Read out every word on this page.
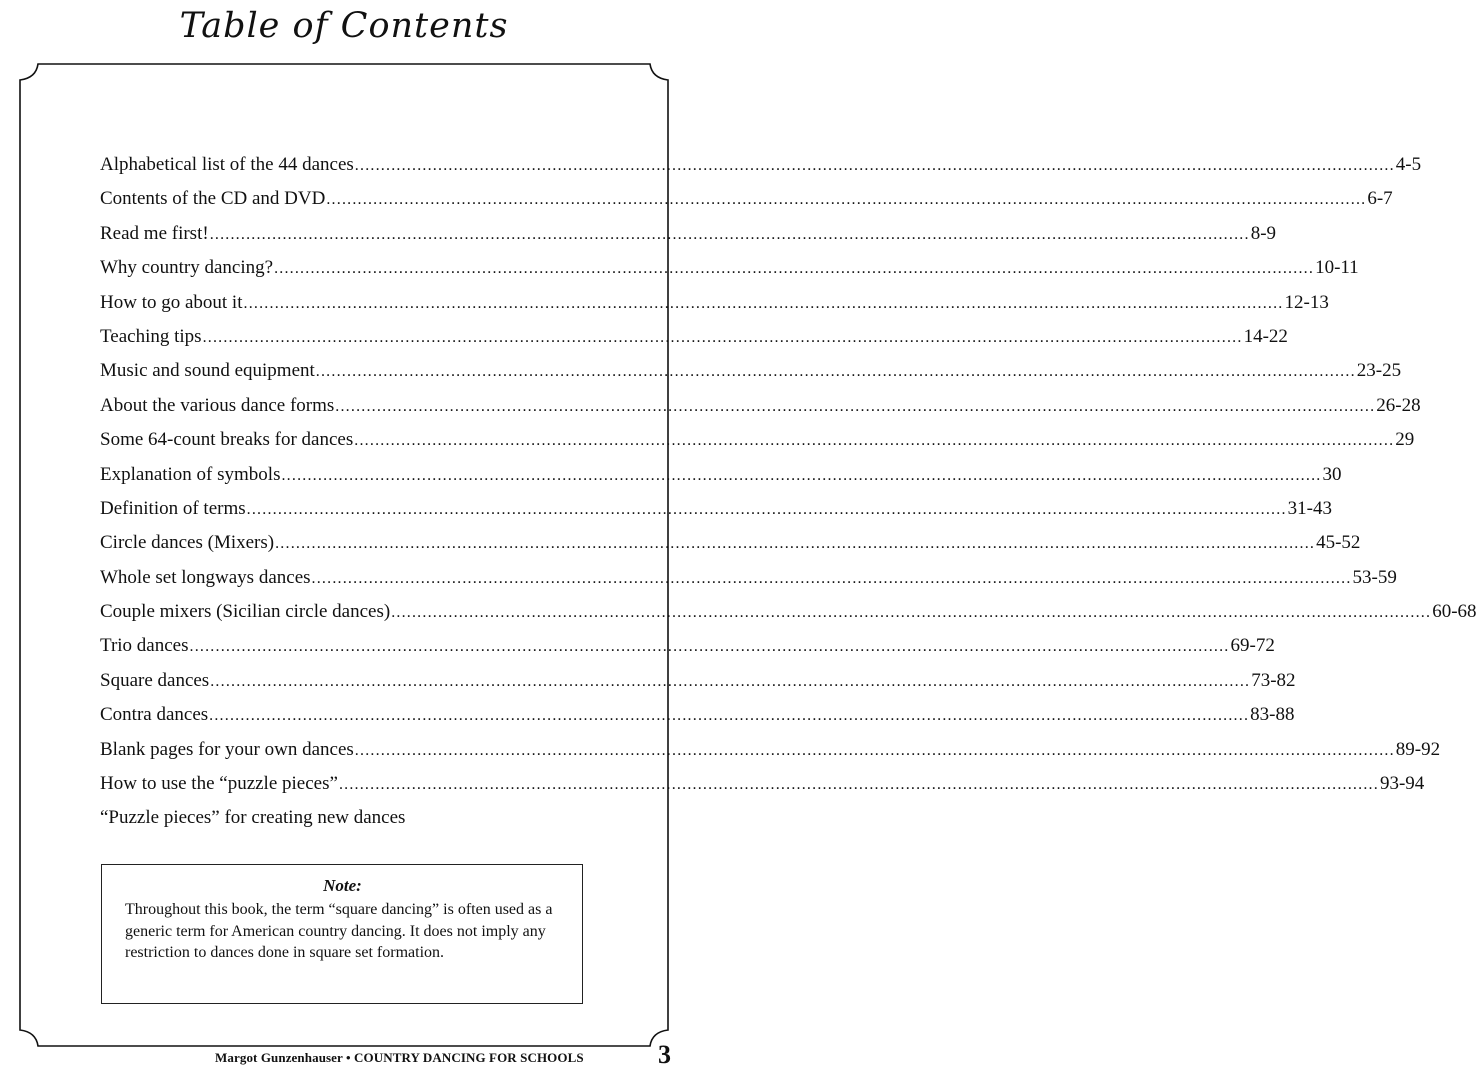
Table of Contents
Alphabetical list of the 44 dances ........................................................................................................................................................................................................ 4-5
Contents of the CD and DVD ........................................................................................................................................................................................................ 6-7
Read me first! ........................................................................................................................................................................................................ 8-9
Why country dancing? ........................................................................................................................................................................................................ 10-11
How to go about it ........................................................................................................................................................................................................ 12-13
Teaching tips ........................................................................................................................................................................................................ 14-22
Music and sound equipment ........................................................................................................................................................................................................ 23-25
About the various dance forms ........................................................................................................................................................................................................ 26-28
Some 64-count breaks for dances ........................................................................................................................................................................................................ 29
Explanation of symbols ........................................................................................................................................................................................................ 30
Definition of terms ........................................................................................................................................................................................................ 31-43
Circle dances (Mixers) ........................................................................................................................................................................................................ 45-52
Whole set longways dances ........................................................................................................................................................................................................ 53-59
Couple mixers (Sicilian circle dances) ........................................................................................................................................................................................................ 60-68
Trio dances ........................................................................................................................................................................................................ 69-72
Square dances ........................................................................................................................................................................................................ 73-82
Contra dances ........................................................................................................................................................................................................ 83-88
Blank pages for your own dances ........................................................................................................................................................................................................ 89-92
How to use the “puzzle pieces” ........................................................................................................................................................................................................ 93-94
“Puzzle pieces” for creating new dances
Note:
Throughout this book, the term “square dancing” is often used as a generic term for American country dancing. It does not imply any restriction to dances done in square set formation.
Margot Gunzenhauser • COUNTRY DANCING FOR SCHOOLS	3
